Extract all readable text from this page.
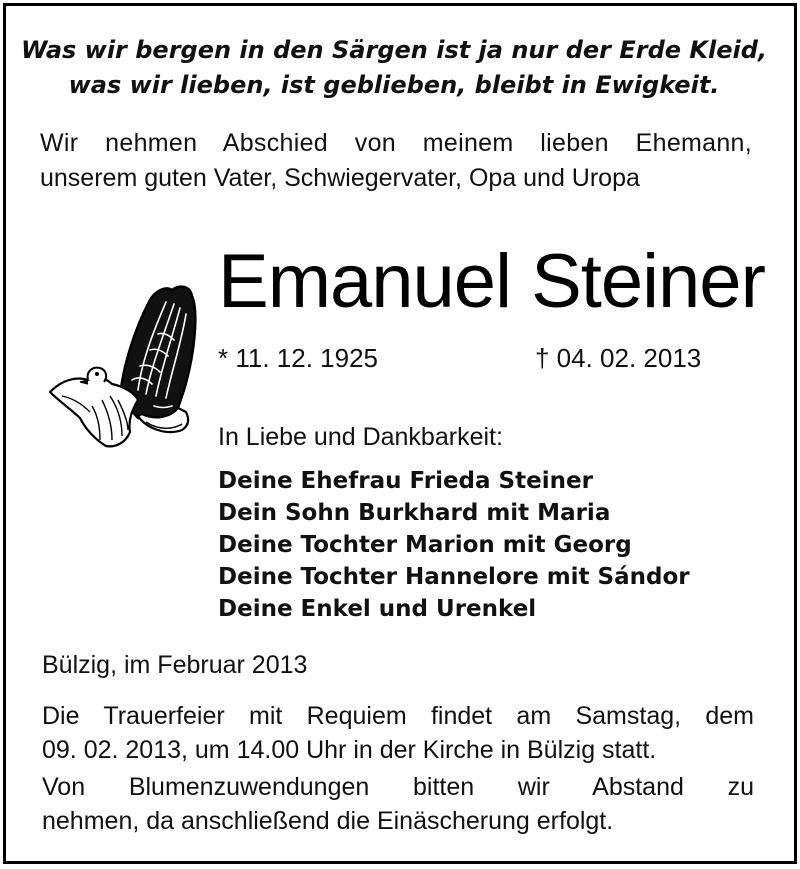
Was wir bergen in den Särgen ist ja nur der Erde Kleid,
was wir lieben, ist geblieben, bleibt in Ewigkeit.
Wir nehmen Abschied von meinem lieben Ehemann,
unserem guten Vater, Schwiegervater, Opa und Uropa
Emanuel Steiner
* 11. 12. 1925	† 04. 02. 2013
In Liebe und Dankbarkeit:
Deine Ehefrau Frieda Steiner
Dein Sohn Burkhard mit Maria
Deine Tochter Marion mit Georg
Deine Tochter Hannelore mit Sándor
Deine Enkel und Urenkel
Bülzig, im Februar 2013
Die Trauerfeier mit Requiem findet am Samstag, dem
09. 02. 2013, um 14.00 Uhr in der Kirche in Bülzig statt.
Von Blumenzuwendungen bitten wir Abstand zu
nehmen, da anschließend die Einäscherung erfolgt.
